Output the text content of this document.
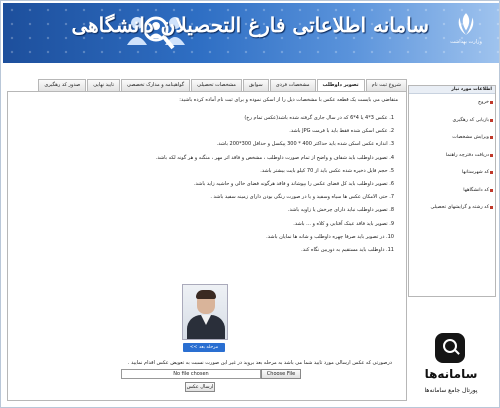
سامانه اطلاعاتی فارغ التحصیلان دانشگاهی
وزارت بهداشت
شروع ثبت نام
تصویر داوطلب
مشخصات فردی
سوابق
مشخصات تحصیلی
گواهینامه و مدارک تخصصی
تایید نهایی
صدور کد رهگیری
متقاضی می بایست یک قطعه عکس با مشخصات ذیل را از اسکن نموده و برای ثبت نام آماده کرده باشید:
1. عکس 3*4 یا 4*6 که در سال جاری گرفته شده باشد(عکس تمام رخ)
2. عکس اسکن شده فقط باید با فرمت JPG باشد.
3. اندازه عکس اسکن شده باید حداکثر 400 * 300 پیکسل و حداقل 300*200 باشد.
4. تصویر داوطلب باید شفاف و واضح از تمام صورت داوطلب ، مشخص و فاقد اثر مهر ، منگنه و هر گونه لکه باشد.
5. حجم فایل ذخیره شده عکس باید از 70 کیلو بایت بیشتر باشد.
6. تصویر داوطلب باید کل فضای عکس را بپوشاند و فاقد هرگونه فضای خالی و حاشیه زاید باشد.
7. حتی الامکان عکس ها سیاه وسفید و یا در صورت رنگی بودن دارای زمینه سفید باشد .
8. تصویر داوطلب نباید دارای چرخش یا زاویه باشد.
9. تصویر باید فاقد عینک آفتابی و کلاه و ... باشد.
10. در تصویر باید صرفا چهره داوطلب و شانه ها نمایان باشد.
11. داوطلب باید مستقیم به دوربین نگاه کند.
درصورتی که عکس ارسالی مورد تایید شما می باشد به مرحله بعد بروید در غیر این صورت نسبت به تعویض عکس اقدام نمایید .
مرحله بعد >>
No file chosen	Choose File
ارسال عکس
اطلاعات مورد نیاز
خروج
بازیابی کد رهگیری
ویرایش مشخصات
دریافت دفترچه راهنما
کد شهرستانها
کد دانشگاهها
کد رشته و گرایشهای تحصیلی
سامانه‌ها
پورتال جامع سامانه‌ها
